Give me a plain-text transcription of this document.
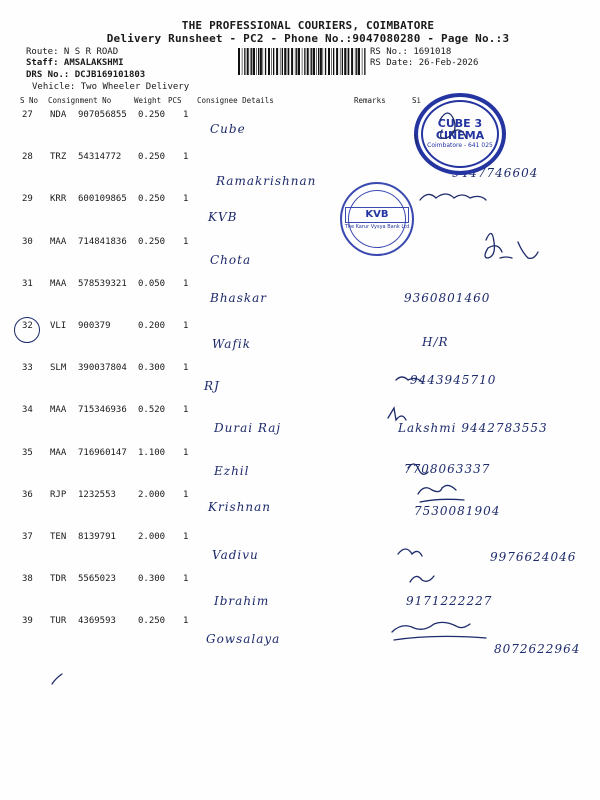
THE PROFESSIONAL COURIERS, COIMBATORE
Delivery Runsheet - PC2 - Phone No.:9047080280 - Page No.:3
Route: N S R ROAD
Staff: AMSALAKSHMI
DRS No.: DCJB169101803
Vehicle: Two Wheeler Delivery
RS No.: 1691018
RS Date: 26-Feb-2026
S No Consignment No	Weight PCS Consignee Details	Remarks	Si
27 NDA 907056855 0.250 1
Cube
28 TRZ 54314772 0.250 1
Ramakrishnan
9447746604
29 KRR 600109865 0.250 1
KVB
30 MAA 714841836 0.250 1
Chota
31 MAA 578539321 0.050 1
Bhaskar	9360801460
32 VLI 900379	0.200 1
Wafik	H/R
33 SLM 390037804 0.300 1
RJ	9443945710
34 MAA 715346936 0.520 1
Durai Raj	Lakshmi 9442783553
35 MAA 716960147 1.100 1
Ezhil	7708063337
36 RJP 1232553 2.000 1
Krishnan	7530081904
37 TEN 8139791 2.000 1
Vadivu	9976624046
38 TDR 5565023 0.300 1
Ibrahim	9171222227
39 TUR 4369593 0.250 1
Gowsalaya
8072622964
CUBE 3 CINEMA
Coimbatore - 641 025
KVB
The Karur Vysya Bank Ltd
